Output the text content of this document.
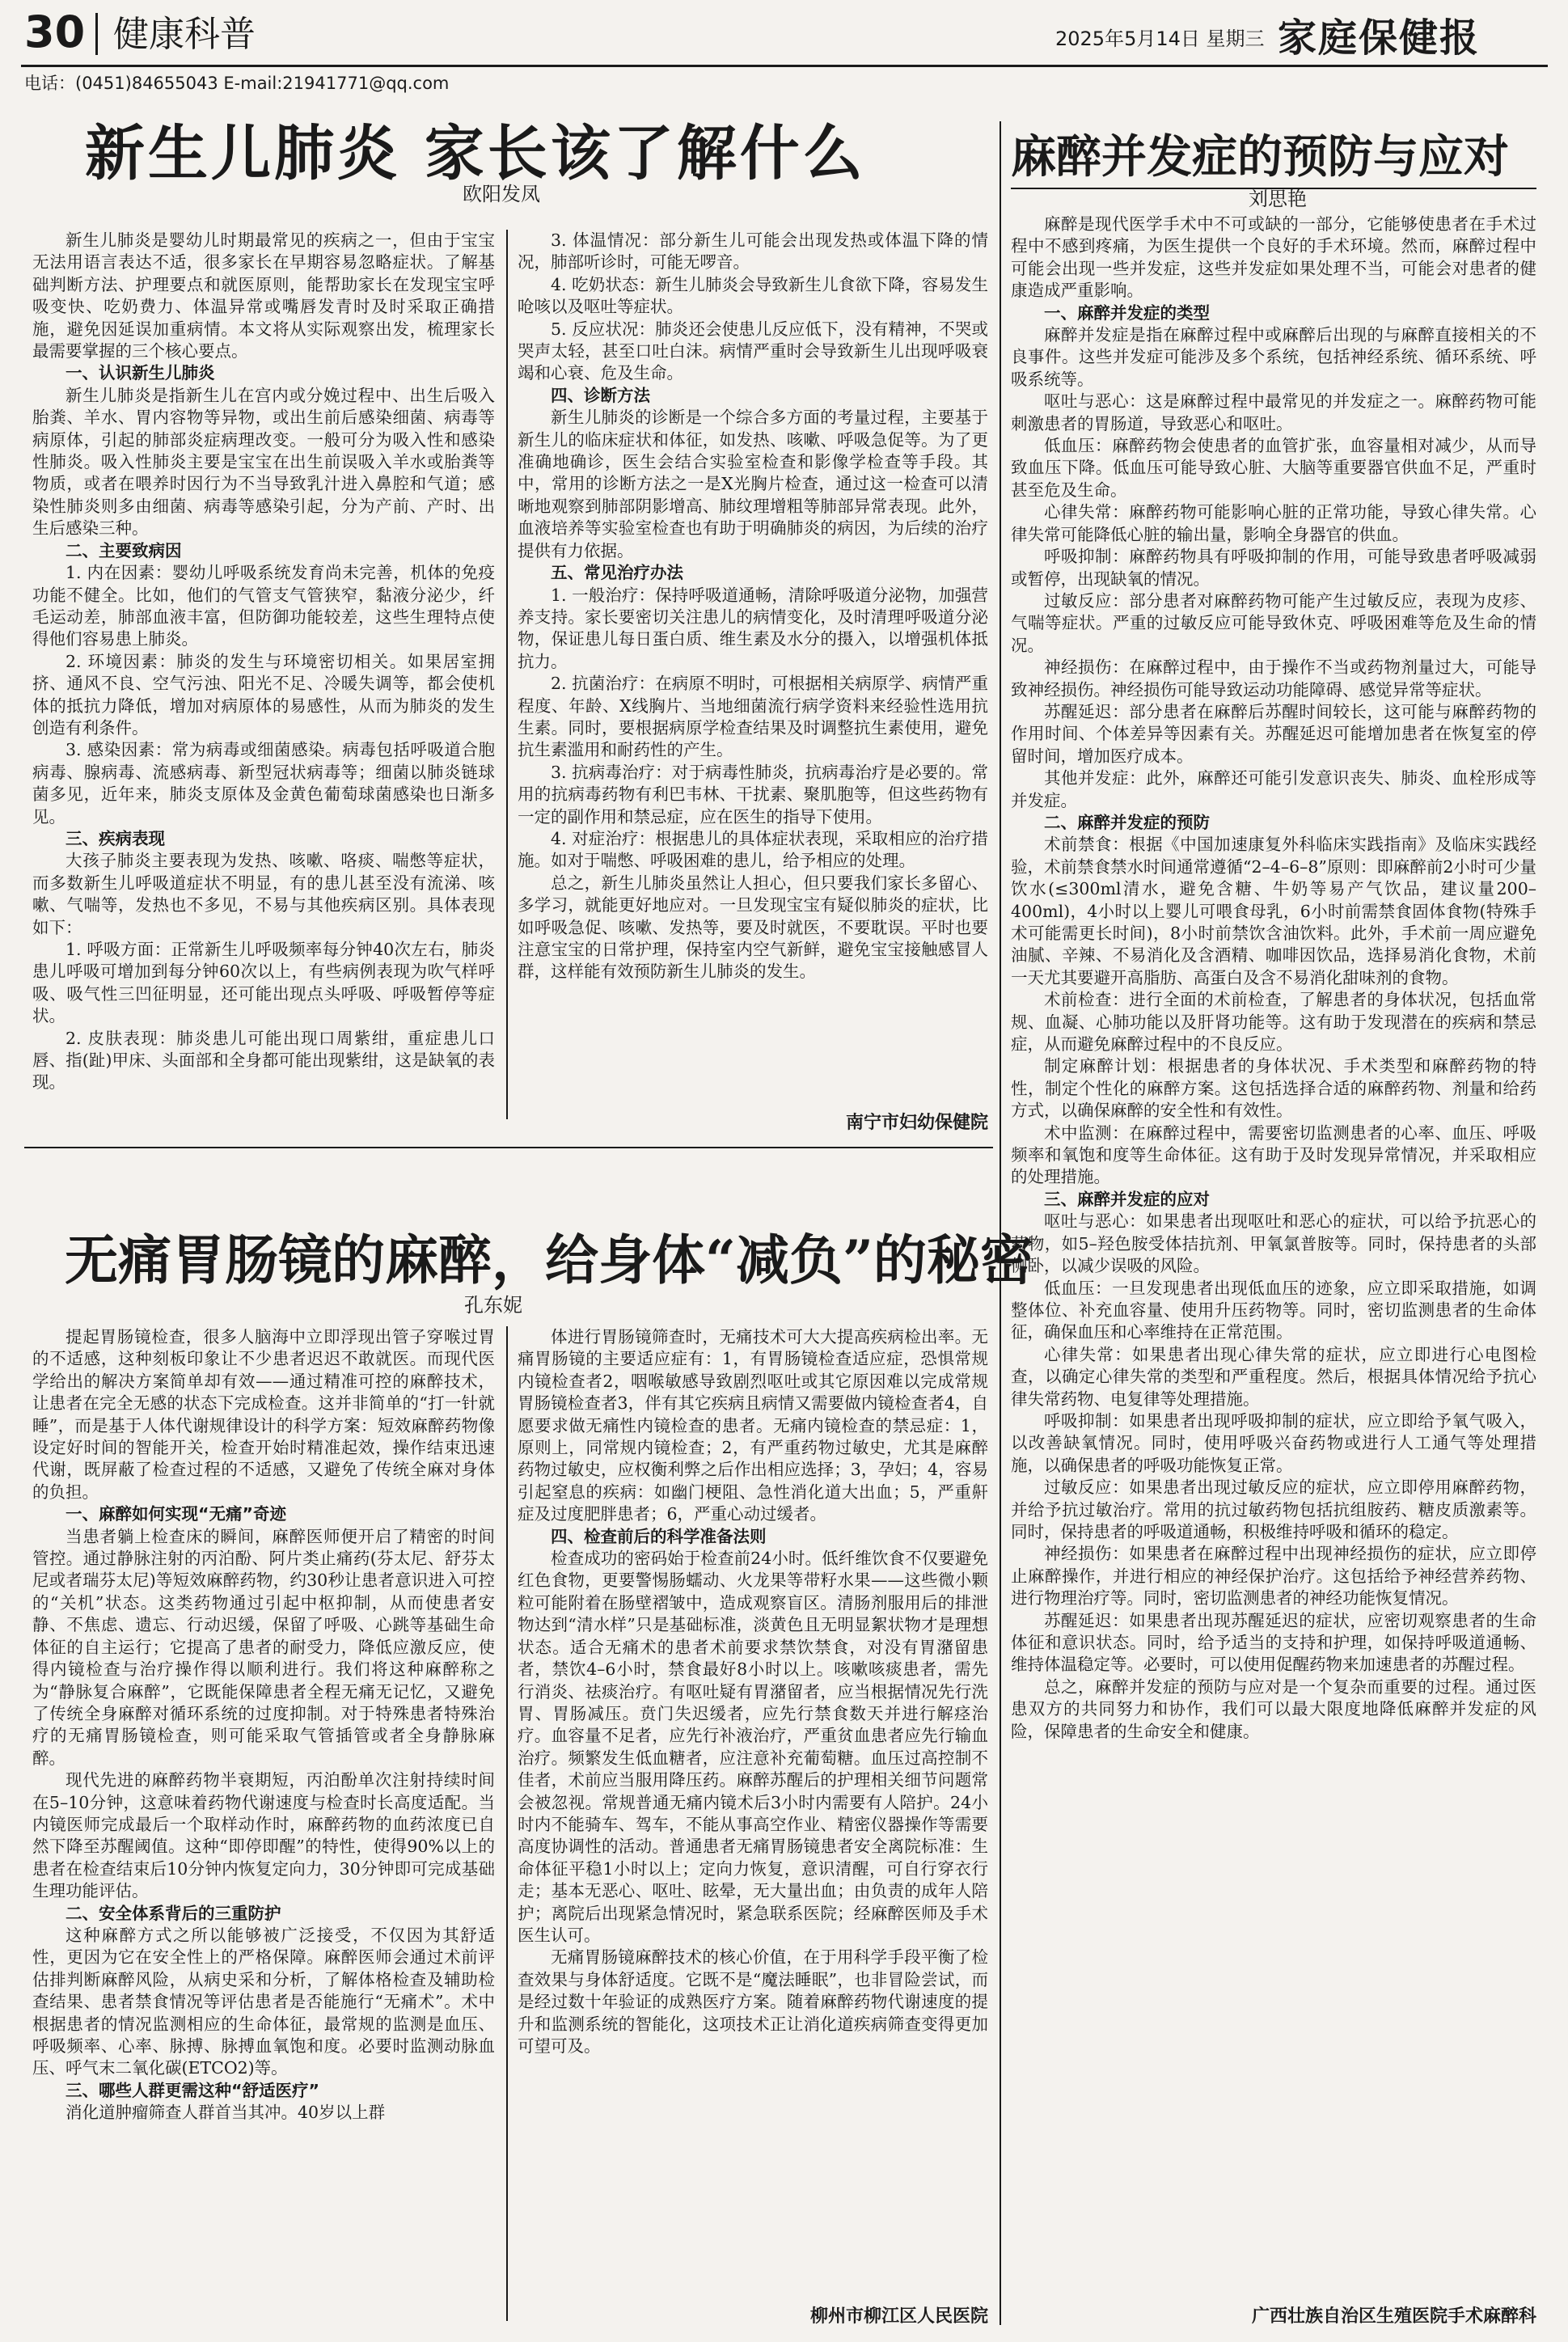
30 健康科普	2025年5月14日 星期三 家庭保健报
电话：(0451)84655043 E-mail:21941771@qq.com
新生儿肺炎 家长该了解什么
欧阳发凤

新生儿肺炎是婴幼儿时期最常见的疾病之一，但由于宝宝无法用语言表达不适，很多家长在早期容易忽略症状。了解基础判断方法、护理要点和就医原则，能帮助家长在发现宝宝呼吸变快、吃奶费力、体温异常或嘴唇发青时及时采取正确措施，避免因延误加重病情。本文将从实际观察出发，梳理家长最需要掌握的三个核心要点。

一、认识新生儿肺炎

新生儿肺炎是指新生儿在宫内或分娩过程中、出生后吸入胎粪、羊水、胃内容物等异物，或出生前后感染细菌、病毒等病原体，引起的肺部炎症病理改变。一般可分为吸入性和感染性肺炎。吸入性肺炎主要是宝宝在出生前误吸入羊水或胎粪等物质，或者在喂养时因行为不当导致乳汁进入鼻腔和气道；感染性肺炎则多由细菌、病毒等感染引起，分为产前、产时、出生后感染三种。

二、主要致病因

1. 内在因素：婴幼儿呼吸系统发育尚未完善，机体的免疫功能不健全。比如，他们的气管支气管狭窄，黏液分泌少，纤毛运动差，肺部血液丰富，但防御功能较差，这些生理特点使得他们容易患上肺炎。

2. 环境因素：肺炎的发生与环境密切相关。如果居室拥挤、通风不良、空气污浊、阳光不足、冷暖失调等，都会使机体的抵抗力降低，增加对病原体的易感性，从而为肺炎的发生创造有利条件。

3. 感染因素：常为病毒或细菌感染。病毒包括呼吸道合胞病毒、腺病毒、流感病毒、新型冠状病毒等；细菌以肺炎链球菌多见，近年来，肺炎支原体及金黄色葡萄球菌感染也日渐多见。

三、疾病表现

大孩子肺炎主要表现为发热、咳嗽、咯痰、喘憋等症状，而多数新生儿呼吸道症状不明显，有的患儿甚至没有流涕、咳嗽、气喘等，发热也不多见，不易与其他疾病区别。具体表现如下：

1. 呼吸方面：正常新生儿呼吸频率每分钟40次左右，肺炎患儿呼吸可增加到每分钟60次以上，有些病例表现为吹气样呼吸、吸气性三凹征明显，还可能出现点头呼吸、呼吸暂停等症状。

2. 皮肤表现：肺炎患儿可能出现口周紫绀，重症患儿口唇、指(趾)甲床、头面部和全身都可能出现紫绀，这是缺氧的表现。

3. 体温情况：部分新生儿可能会出现发热或体温下降的情况，肺部听诊时，可能无啰音。

4. 吃奶状态：新生儿肺炎会导致新生儿食欲下降，容易发生呛咳以及呕吐等症状。

5. 反应状况：肺炎还会使患儿反应低下，没有精神，不哭或哭声太轻，甚至口吐白沫。病情严重时会导致新生儿出现呼吸衰竭和心衰、危及生命。

四、诊断方法

新生儿肺炎的诊断是一个综合多方面的考量过程，主要基于新生儿的临床症状和体征，如发热、咳嗽、呼吸急促等。为了更准确地确诊，医生会结合实验室检查和影像学检查等手段。其中，常用的诊断方法之一是X光胸片检查，通过这一检查可以清晰地观察到肺部阴影增高、肺纹理增粗等肺部异常表现。此外，血液培养等实验室检查也有助于明确肺炎的病因，为后续的治疗提供有力依据。

五、常见治疗办法

1. 一般治疗：保持呼吸道通畅，清除呼吸道分泌物，加强营养支持。家长要密切关注患儿的病情变化，及时清理呼吸道分泌物，保证患儿每日蛋白质、维生素及水分的摄入，以增强机体抵抗力。

2. 抗菌治疗：在病原不明时，可根据相关病原学、病情严重程度、年龄、X线胸片、当地细菌流行病学资料来经验性选用抗生素。同时，要根据病原学检查结果及时调整抗生素使用，避免抗生素滥用和耐药性的产生。

3. 抗病毒治疗：对于病毒性肺炎，抗病毒治疗是必要的。常用的抗病毒药物有利巴韦林、干扰素、聚肌胞等，但这些药物有一定的副作用和禁忌症，应在医生的指导下使用。

4. 对症治疗：根据患儿的具体症状表现，采取相应的治疗措施。如对于喘憋、呼吸困难的患儿，给予相应的处理。

总之，新生儿肺炎虽然让人担心，但只要我们家长多留心、多学习，就能更好地应对。一旦发现宝宝有疑似肺炎的症状，比如呼吸急促、咳嗽、发热等，要及时就医，不要耽误。平时也要注意宝宝的日常护理，保持室内空气新鲜，避免宝宝接触感冒人群，这样能有效预防新生儿肺炎的发生。

南宁市妇幼保健院
无痛胃肠镜的麻醉，给身体“减负”的秘密
孔东妮

提起胃肠镜检查，很多人脑海中立即浮现出管子穿喉过胃的不适感，这种刻板印象让不少患者迟迟不敢就医。而现代医学给出的解决方案简单却有效——通过精准可控的麻醉技术，让患者在完全无感的状态下完成检查。这并非简单的“打一针就睡”，而是基于人体代谢规律设计的科学方案：短效麻醉药物像设定好时间的智能开关，检查开始时精准起效，操作结束迅速代谢，既屏蔽了检查过程的不适感，又避免了传统全麻对身体的负担。

一、麻醉如何实现“无痛”奇迹

当患者躺上检查床的瞬间，麻醉医师便开启了精密的时间管控。通过静脉注射的丙泊酚、阿片类止痛药(芬太尼、舒芬太尼或者瑞芬太尼)等短效麻醉药物，约30秒让患者意识进入可控的“关机”状态。这类药物通过引起中枢抑制，从而使患者安静、不焦虑、遗忘、行动迟缓，保留了呼吸、心跳等基础生命体征的自主运行；它提高了患者的耐受力，降低应激反应，使得内镜检查与治疗操作得以顺利进行。我们将这种麻醉称之为“静脉复合麻醉”，它既能保障患者全程无痛无记忆，又避免了传统全身麻醉对循环系统的过度抑制。对于特殊患者特殊治疗的无痛胃肠镜检查，则可能采取气管插管或者全身静脉麻醉。

现代先进的麻醉药物半衰期短，丙泊酚单次注射持续时间在5–10分钟，这意味着药物代谢速度与检查时长高度适配。当内镜医师完成最后一个取样动作时，麻醉药物的血药浓度已自然下降至苏醒阈值。这种“即停即醒”的特性，使得90%以上的患者在检查结束后10分钟内恢复定向力，30分钟即可完成基础生理功能评估。

二、安全体系背后的三重防护

这种麻醉方式之所以能够被广泛接受，不仅因为其舒适性，更因为它在安全性上的严格保障。麻醉医师会通过术前评估排判断麻醉风险，从病史采和分析，了解体格检查及辅助检查结果、患者禁食情况等评估患者是否能施行“无痛术”。术中根据患者的情况监测相应的生命体征，最常规的监测是血压、呼吸频率、心率、脉搏、脉搏血氧饱和度。必要时监测动脉血压、呼气末二氧化碳(ETCO2)等。

三、哪些人群更需这种“舒适医疗”

消化道肿瘤筛查人群首当其冲。40岁以上群

体进行胃肠镜筛查时，无痛技术可大大提高疾病检出率。无痛胃肠镜的主要适应症有：1，有胃肠镜检查适应症，恐惧常规内镜检查者2，咽喉敏感导致剧烈呕吐或其它原因难以完成常规胃肠镜检查者3，伴有其它疾病且病情又需要做内镜检查者4，自愿要求做无痛性内镜检查的患者。无痛内镜检查的禁忌症：1，原则上，同常规内镜检查；2，有严重药物过敏史，尤其是麻醉药物过敏史，应权衡利弊之后作出相应选择；3，孕妇；4，容易引起窒息的疾病：如幽门梗阻、急性消化道大出血；5，严重鼾症及过度肥胖患者；6，严重心动过缓者。

四、检查前后的科学准备法则

检查成功的密码始于检查前24小时。低纤维饮食不仅要避免红色食物，更要警惕肠蠕动、火龙果等带籽水果——这些微小颗粒可能附着在肠壁褶皱中，造成观察盲区。清肠剂服用后的排泄物达到“清水样”只是基础标准，淡黄色且无明显絮状物才是理想状态。适合无痛术的患者术前要求禁饮禁食，对没有胃潴留患者，禁饮4–6小时，禁食最好8小时以上。咳嗽咳痰患者，需先行消炎、祛痰治疗。有呕吐疑有胃潴留者，应当根据情况先行洗胃、胃肠减压。贲门失迟缓者，应先行禁食数天并进行解痉治疗。血容量不足者，应先行补液治疗，严重贫血患者应先行输血治疗。频繁发生低血糖者，应注意补充葡萄糖。血压过高控制不佳者，术前应当服用降压药。麻醉苏醒后的护理相关细节问题常会被忽视。常规普通无痛内镜术后3小时内需要有人陪护。24小时内不能骑车、驾车，不能从事高空作业、精密仪器操作等需要高度协调性的活动。普通患者无痛胃肠镜患者安全离院标准：生命体征平稳1小时以上；定向力恢复，意识清醒，可自行穿衣行走；基本无恶心、呕吐、眩晕，无大量出血；由负责的成年人陪护；离院后出现紧急情况时，紧急联系医院；经麻醉医师及手术医生认可。

无痛胃肠镜麻醉技术的核心价值，在于用科学手段平衡了检查效果与身体舒适度。它既不是“魔法睡眠”，也非冒险尝试，而是经过数十年验证的成熟医疗方案。随着麻醉药物代谢速度的提升和监测系统的智能化，这项技术正让消化道疾病筛查变得更加可望可及。

柳州市柳江区人民医院
麻醉并发症的预防与应对
刘思艳

麻醉是现代医学手术中不可或缺的一部分，它能够使患者在手术过程中不感到疼痛，为医生提供一个良好的手术环境。然而，麻醉过程中可能会出现一些并发症，这些并发症如果处理不当，可能会对患者的健康造成严重影响。

一、麻醉并发症的类型

麻醉并发症是指在麻醉过程中或麻醉后出现的与麻醉直接相关的不良事件。这些并发症可能涉及多个系统，包括神经系统、循环系统、呼吸系统等。

呕吐与恶心：这是麻醉过程中最常见的并发症之一。麻醉药物可能刺激患者的胃肠道，导致恶心和呕吐。

低血压：麻醉药物会使患者的血管扩张，血容量相对减少，从而导致血压下降。低血压可能导致心脏、大脑等重要器官供血不足，严重时甚至危及生命。

心律失常：麻醉药物可能影响心脏的正常功能，导致心律失常。心律失常可能降低心脏的输出量，影响全身器官的供血。

呼吸抑制：麻醉药物具有呼吸抑制的作用，可能导致患者呼吸减弱或暂停，出现缺氧的情况。

过敏反应：部分患者对麻醉药物可能产生过敏反应，表现为皮疹、气喘等症状。严重的过敏反应可能导致休克、呼吸困难等危及生命的情况。

神经损伤：在麻醉过程中，由于操作不当或药物剂量过大，可能导致神经损伤。神经损伤可能导致运动功能障碍、感觉异常等症状。

苏醒延迟：部分患者在麻醉后苏醒时间较长，这可能与麻醉药物的作用时间、个体差异等因素有关。苏醒延迟可能增加患者在恢复室的停留时间，增加医疗成本。

其他并发症：此外，麻醉还可能引发意识丧失、肺炎、血栓形成等并发症。

二、麻醉并发症的预防

术前禁食：根据《中国加速康复外科临床实践指南》及临床实践经验，术前禁食禁水时间通常遵循“2–4–6–8”原则：即麻醉前2小时可少量饮水(≤300ml清水，避免含糖、牛奶等易产气饮品，建议量200–400ml)，4小时以上婴儿可喂食母乳，6小时前需禁食固体食物(特殊手术可能需更长时间)，8小时前禁饮含油饮料。此外，手术前一周应避免油腻、辛辣、不易消化及含酒精、咖啡因饮品，选择易消化食物，术前一天尤其要避开高脂肪、高蛋白及含不易消化甜味剂的食物。

术前检查：进行全面的术前检查，了解患者的身体状况，包括血常规、血凝、心肺功能以及肝肾功能等。这有助于发现潜在的疾病和禁忌症，从而避免麻醉过程中的不良反应。

制定麻醉计划：根据患者的身体状况、手术类型和麻醉药物的特性，制定个性化的麻醉方案。这包括选择合适的麻醉药物、剂量和给药方式，以确保麻醉的安全性和有效性。

术中监测：在麻醉过程中，需要密切监测患者的心率、血压、呼吸频率和氧饱和度等生命体征。这有助于及时发现异常情况，并采取相应的处理措施。

三、麻醉并发症的应对

呕吐与恶心：如果患者出现呕吐和恶心的症状，可以给予抗恶心的药物，如5–羟色胺受体拮抗剂、甲氧氯普胺等。同时，保持患者的头部侧卧，以减少误吸的风险。

低血压：一旦发现患者出现低血压的迹象，应立即采取措施，如调整体位、补充血容量、使用升压药物等。同时，密切监测患者的生命体征，确保血压和心率维持在正常范围。

心律失常：如果患者出现心律失常的症状，应立即进行心电图检查，以确定心律失常的类型和严重程度。然后，根据具体情况给予抗心律失常药物、电复律等处理措施。

呼吸抑制：如果患者出现呼吸抑制的症状，应立即给予氧气吸入，以改善缺氧情况。同时，使用呼吸兴奋药物或进行人工通气等处理措施，以确保患者的呼吸功能恢复正常。

过敏反应：如果患者出现过敏反应的症状，应立即停用麻醉药物，并给予抗过敏治疗。常用的抗过敏药物包括抗组胺药、糖皮质激素等。同时，保持患者的呼吸道通畅，积极维持呼吸和循环的稳定。

神经损伤：如果患者在麻醉过程中出现神经损伤的症状，应立即停止麻醉操作，并进行相应的神经保护治疗。这包括给予神经营养药物、进行物理治疗等。同时，密切监测患者的神经功能恢复情况。

苏醒延迟：如果患者出现苏醒延迟的症状，应密切观察患者的生命体征和意识状态。同时，给予适当的支持和护理，如保持呼吸道通畅、维持体温稳定等。必要时，可以使用促醒药物来加速患者的苏醒过程。

总之，麻醉并发症的预防与应对是一个复杂而重要的过程。通过医患双方的共同努力和协作，我们可以最大限度地降低麻醉并发症的风险，保障患者的生命安全和健康。

广西壮族自治区生殖医院手术麻醉科
